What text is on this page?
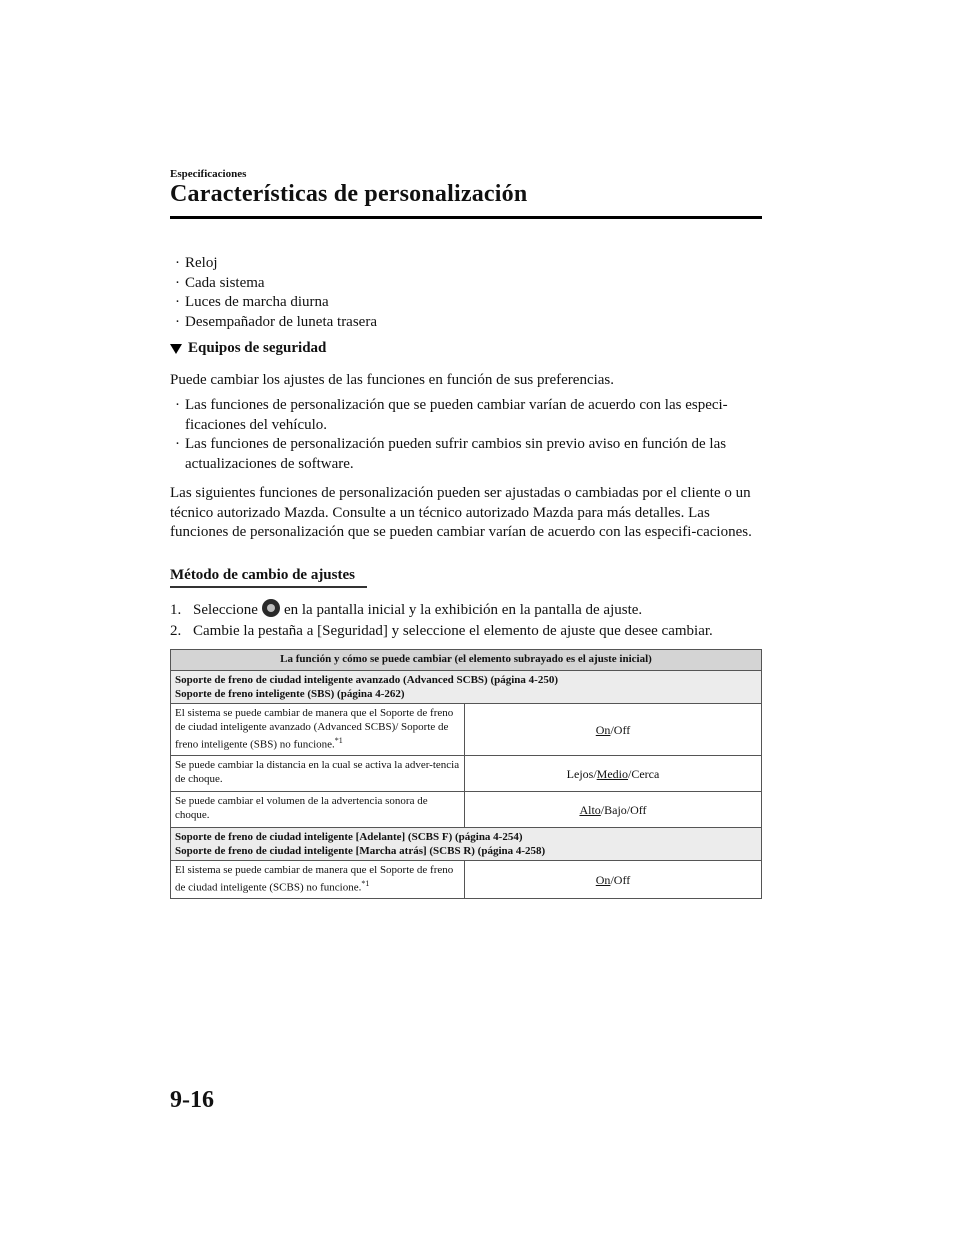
Especificaciones
Características de personalización
· Reloj
· Cada sistema
· Luces de marcha diurna
· Desempañador de luneta trasera
Equipos de seguridad
Puede cambiar los ajustes de las funciones en función de sus preferencias.
· Las funciones de personalización que se pueden cambiar varían de acuerdo con las especi-ficaciones del vehículo.
· Las funciones de personalización pueden sufrir cambios sin previo aviso en función de las actualizaciones de software.
Las siguientes funciones de personalización pueden ser ajustadas o cambiadas por el cliente o un técnico autorizado Mazda. Consulte a un técnico autorizado Mazda para más detalles. Las funciones de personalización que se pueden cambiar varían de acuerdo con las especifi-caciones.
Método de cambio de ajustes
1. Seleccione en la pantalla inicial y la exhibición en la pantalla de ajuste.
2. Cambie la pestaña a [Seguridad] y seleccione el elemento de ajuste que desee cambiar.
La función y cómo se puede cambiar (el elemento subrayado es el ajuste inicial)	

Soporte de freno de ciudad inteligente avanzado (Advanced SCBS) (página 4-250)
Soporte de freno inteligente (SBS) (página 4-262)	

El sistema se puede cambiar de manera que el Soporte de freno de ciudad inteligente avanzado (Advanced SCBS)/ Soporte de freno inteligente (SBS) no funcione.$^{*1}$	On/Off
Se puede cambiar la distancia en la cual se activa la adver-tencia de choque.	Lejos/Medio/Cerca
Se puede cambiar el volumen de la advertencia sonora de choque.	Alto/Bajo/Off

Soporte de freno de ciudad inteligente [Adelante] (SCBS F) (página 4-254)
Soporte de freno de ciudad inteligente [Marcha atrás] (SCBS R) (página 4-258)	

El sistema se puede cambiar de manera que el Soporte de freno de ciudad inteligente (SCBS) no funcione.$^{*1}$	On/Off
9-16
